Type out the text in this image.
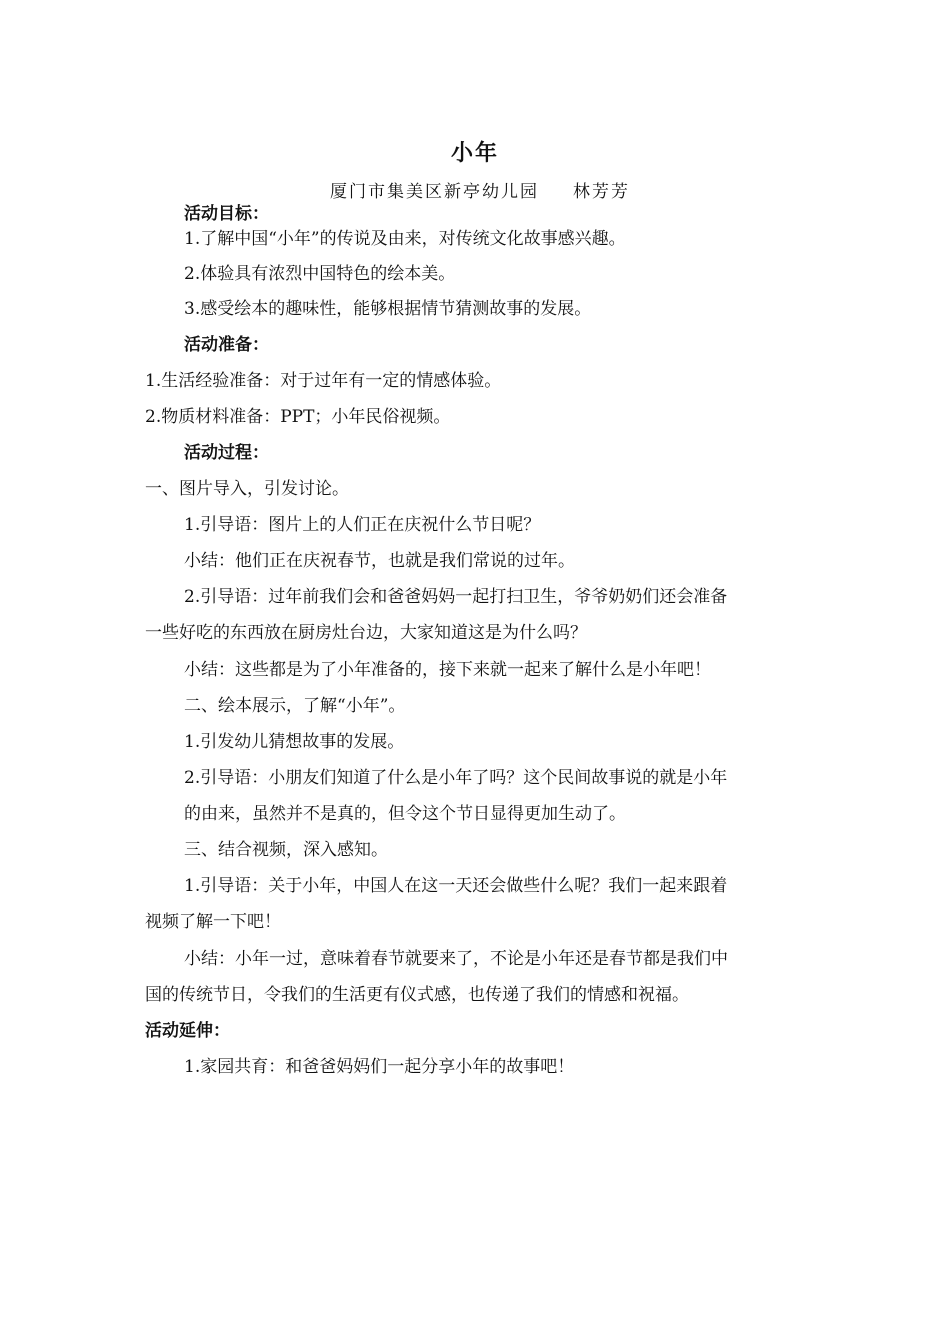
小年
厦门市集美区新亭幼儿园 林芳芳
活动目标：
1.了解中国“小年”的传说及由来，对传统文化故事感兴趣。
2.体验具有浓烈中国特色的绘本美。
3.感受绘本的趣味性，能够根据情节猜测故事的发展。
活动准备：
1.生活经验准备：对于过年有一定的情感体验。
2.物质材料准备：PPT；小年民俗视频。
活动过程：
一、图片导入，引发讨论。
1.引导语：图片上的人们正在庆祝什么节日呢？
小结：他们正在庆祝春节，也就是我们常说的过年。
2.引导语：过年前我们会和爸爸妈妈一起打扫卫生，爷爷奶奶们还会准备
一些好吃的东西放在厨房灶台边，大家知道这是为什么吗？
小结：这些都是为了小年准备的，接下来就一起来了解什么是小年吧！
二、绘本展示，了解“小年”。
1.引发幼儿猜想故事的发展。
2.引导语：小朋友们知道了什么是小年了吗？这个民间故事说的就是小年
的由来，虽然并不是真的，但令这个节日显得更加生动了。
三、结合视频，深入感知。
1.引导语：关于小年，中国人在这一天还会做些什么呢？我们一起来跟着
视频了解一下吧！
小结：小年一过，意味着春节就要来了，不论是小年还是春节都是我们中
国的传统节日，令我们的生活更有仪式感，也传递了我们的情感和祝福。
活动延伸：
1.家园共育：和爸爸妈妈们一起分享小年的故事吧！
